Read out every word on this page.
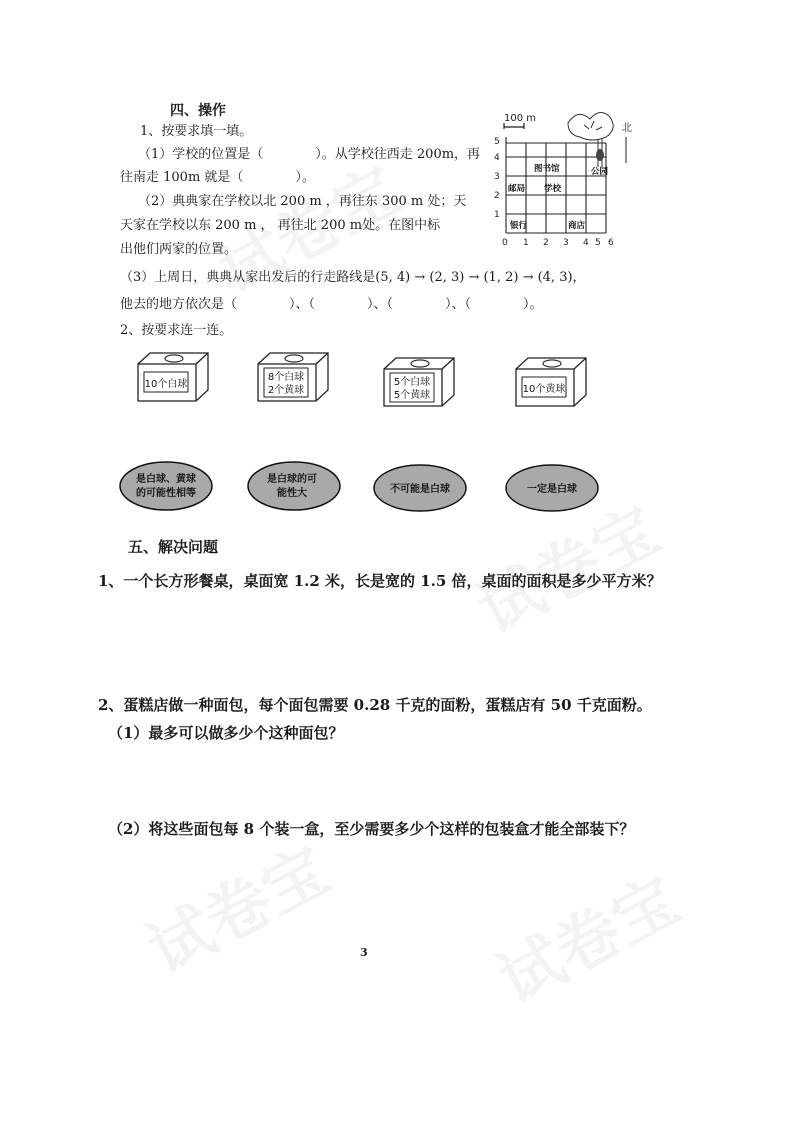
四、操作
1、按要求填一填。
（1）学校的位置是（　　　　）。从学校往西走 200m，再
往南走 100m 就是（　　　　）。
（2）典典家在学校以北 200 m ，再往东 300 m 处；天
天家在学校以东 200 m ， 再往北 200 m处。在图中标
出他们两家的位置。
（3）上周日，典典从家出发后的行走路线是(5, 4) → (2, 3) → (1, 2) → (4, 3)，
他去的地方依次是（　　　　）、（　　　　）、（　　　　）、（　　　　）。
2、按要求连一连。
100 m
1
2
3
4
5
0 1 2 3 4 5 6
图书馆	公园
邮局 学校
银行	商店
北
10个白球
8个白球
2个黄球
5个白球
5个黄球
10个黄球
是白球、黄球
的可能性相等
是白球的可
能性大	不可能是白球	一定是白球
五、解决问题
1、一个长方形餐桌，桌面宽 1.2 米，长是宽的 1.5 倍，桌面的面积是多少平方米？
2、蛋糕店做一种面包，每个面包需要 0.28 千克的面粉，蛋糕店有 50 千克面粉。
（1）最多可以做多少个这种面包？
（2）将这些面包每 8 个装一盒，至少需要多少个这样的包装盒才能全部装下？
3
